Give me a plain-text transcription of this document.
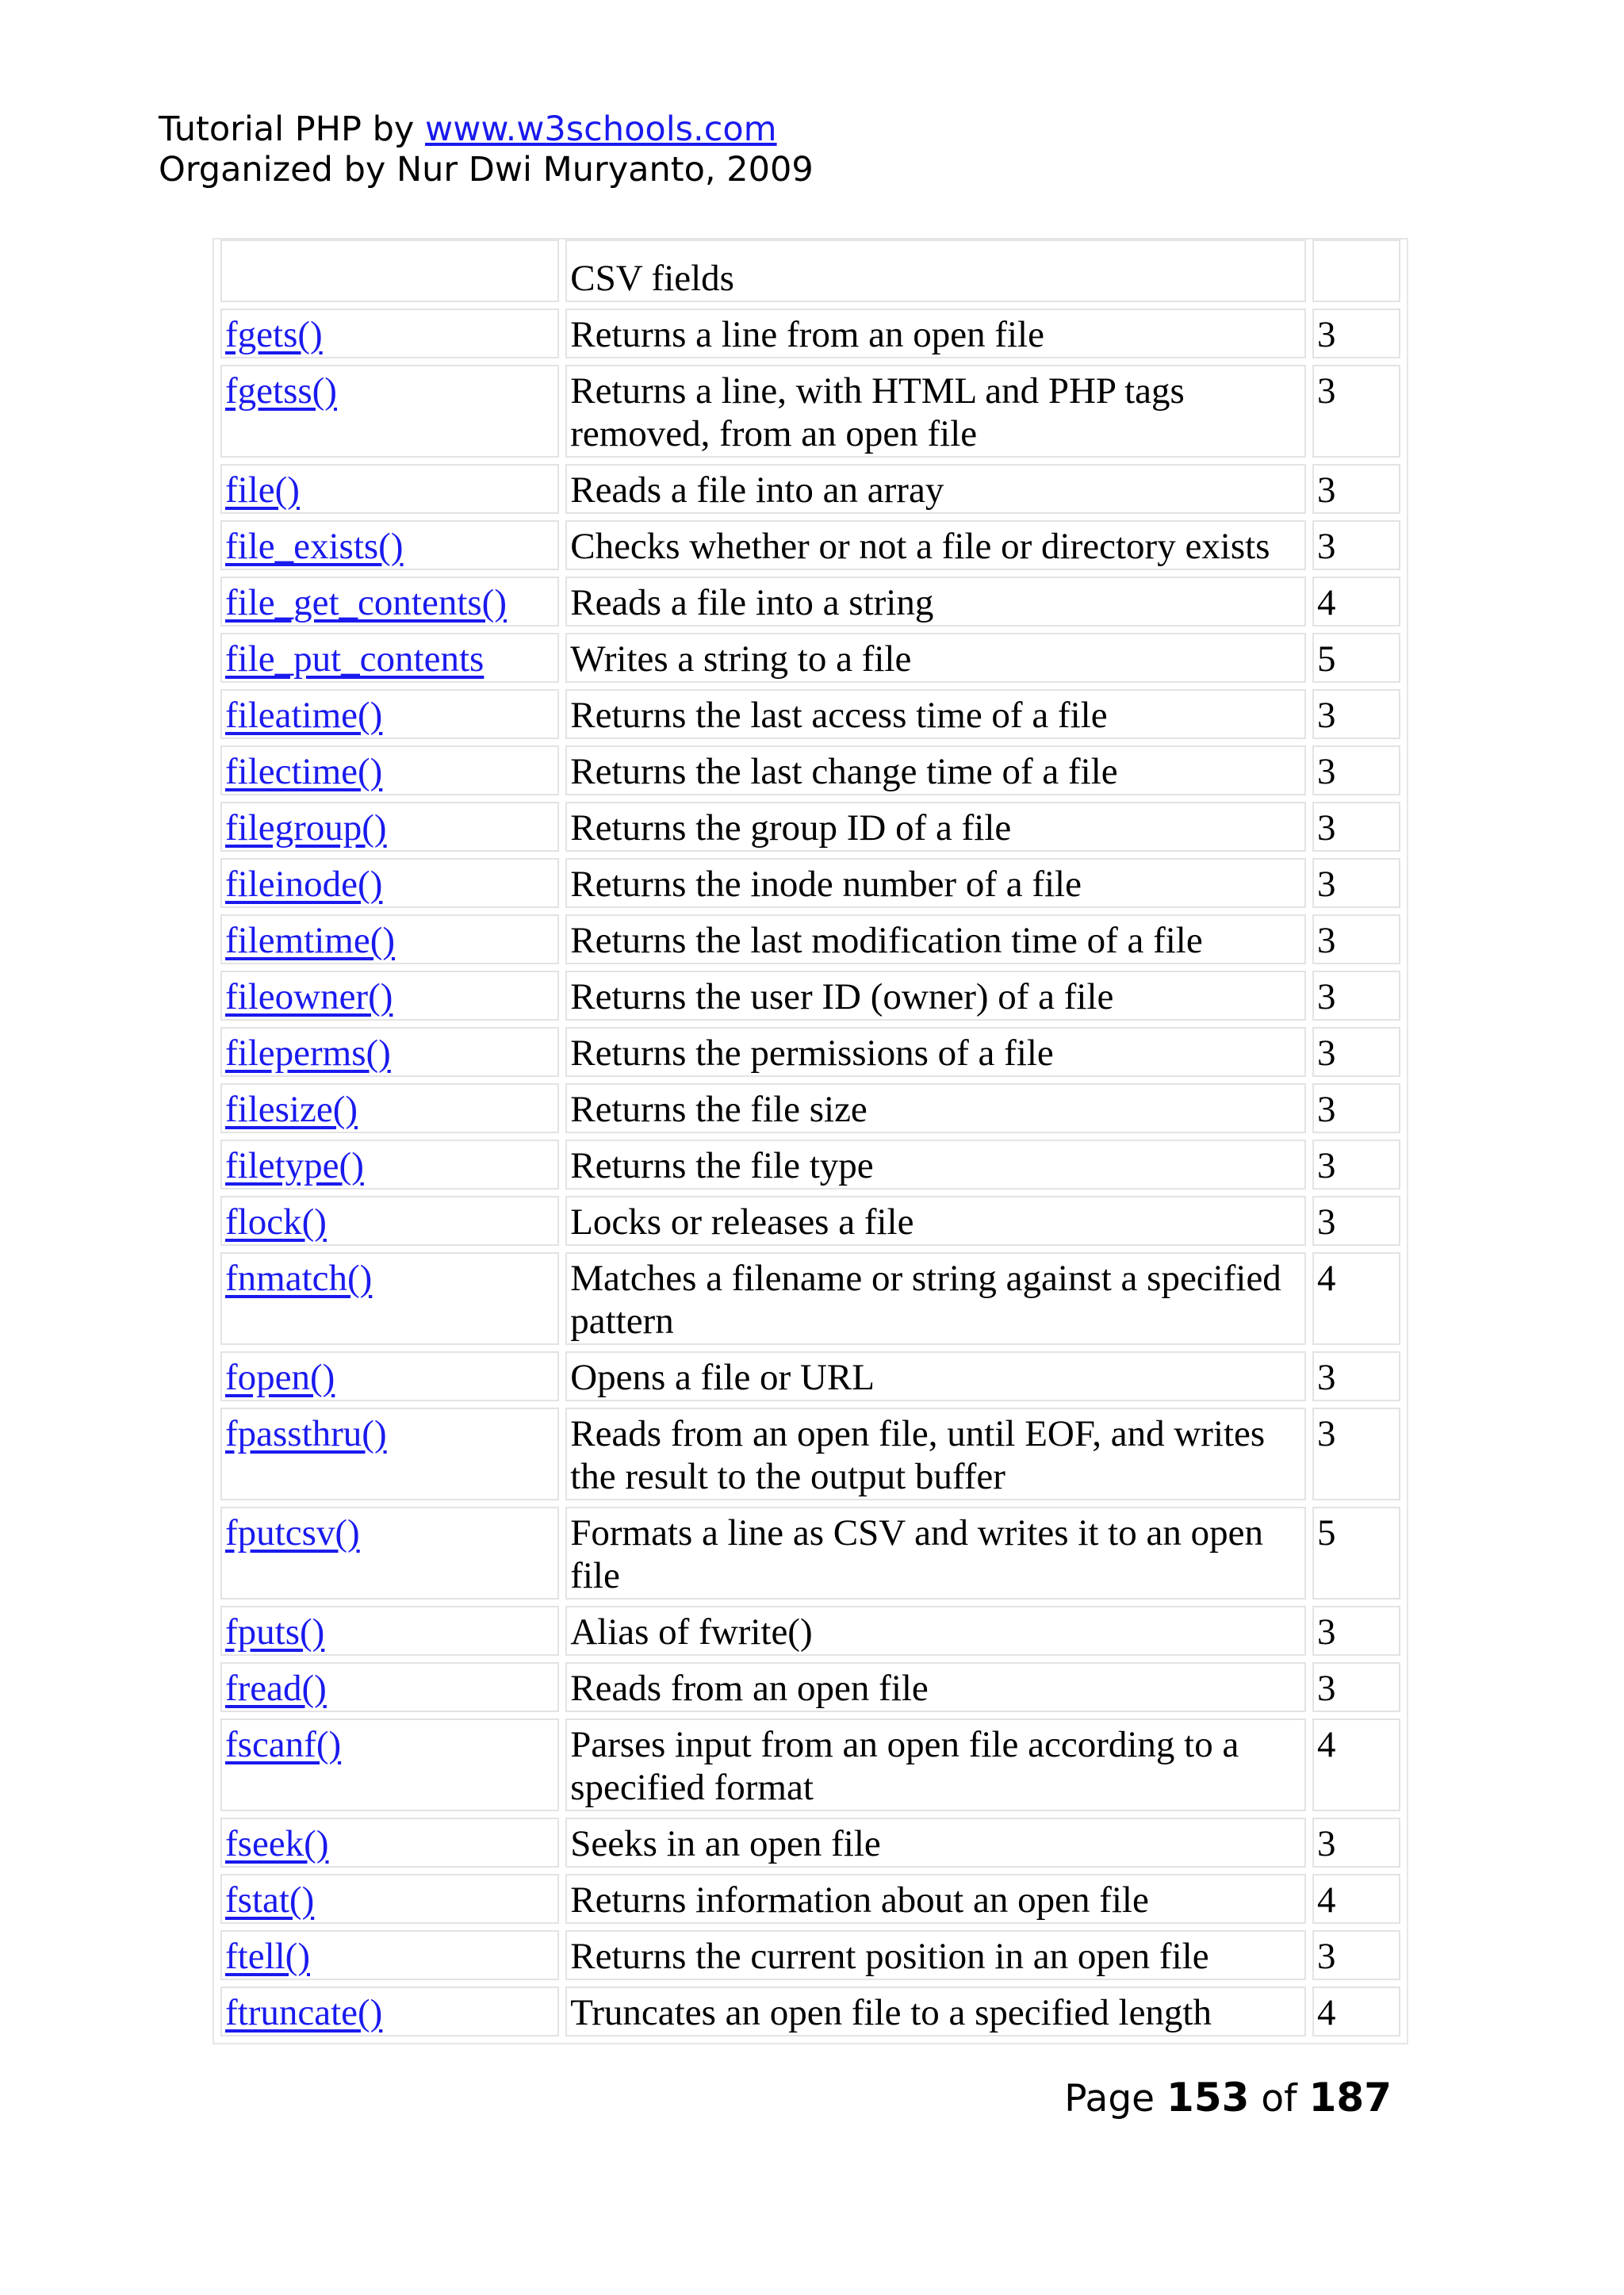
Tutorial PHP by www.w3schools.com
Organized by Nur Dwi Muryanto, 2009
	CSV fields	
fgets()	Returns a line from an open file	3
fgetss()	Returns a line, with HTML and PHP tags removed, from an open file	3
file()	Reads a file into an array	3
file_exists()	Checks whether or not a file or directory exists	3
file_get_contents()	Reads a file into a string	4
file_put_contents	Writes a string to a file	5
fileatime()	Returns the last access time of a file	3
filectime()	Returns the last change time of a file	3
filegroup()	Returns the group ID of a file	3
fileinode()	Returns the inode number of a file	3
filemtime()	Returns the last modification time of a file	3
fileowner()	Returns the user ID (owner) of a file	3
fileperms()	Returns the permissions of a file	3
filesize()	Returns the file size	3
filetype()	Returns the file type	3
flock()	Locks or releases a file	3
fnmatch()	Matches a filename or string against a specified pattern	4
fopen()	Opens a file or URL	3
fpassthru()	Reads from an open file, until EOF, and writes the result to the output buffer	3
fputcsv()	Formats a line as CSV and writes it to an open file	5
fputs()	Alias of fwrite()	3
fread()	Reads from an open file	3
fscanf()	Parses input from an open file according to a specified format	4
fseek()	Seeks in an open file	3
fstat()	Returns information about an open file	4
ftell()	Returns the current position in an open file	3
ftruncate()	Truncates an open file to a specified length	4
Page 153 of 187
